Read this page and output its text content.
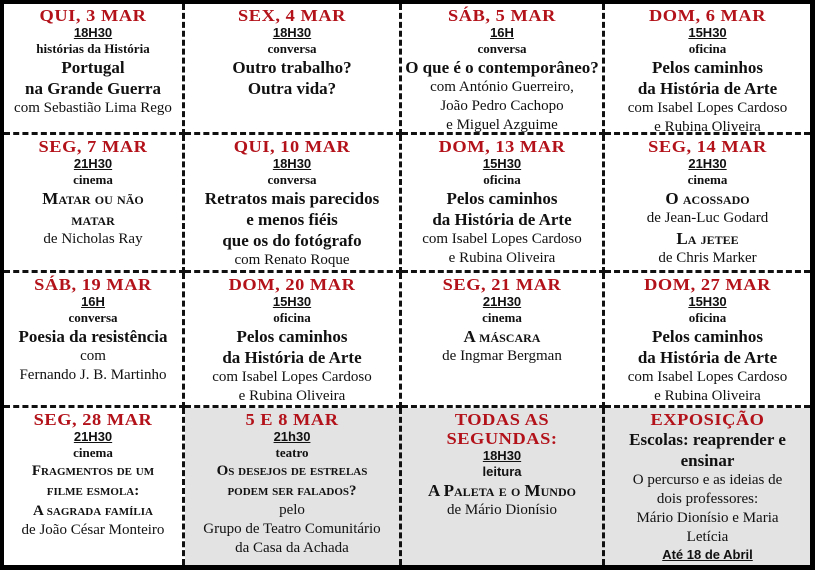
QUI, 3 MAR
18H30
histórias da História
Portugal
na Grande Guerra
com Sebastião Lima Rego
SEX, 4 MAR
18H30
conversa
Outro trabalho?
Outra vida?
SÁB, 5 MAR
16H
conversa
O que é o contemporâneo?
com António Guerreiro,
João Pedro Cachopo
e Miguel Azguime
DOM, 6 MAR
15H30
oficina
Pelos caminhos
da História de Arte
com Isabel Lopes Cardoso
e Rubina Oliveira
SEG, 7 MAR
21H30
cinema
Matar ou não
matar
de Nicholas Ray
QUI, 10 MAR
18H30
conversa
Retratos mais parecidos
e menos fiéis
que os do fotógrafo
com Renato Roque
DOM, 13 MAR
15H30
oficina
Pelos caminhos
da História de Arte
com Isabel Lopes Cardoso
e Rubina Oliveira
SEG, 14 MAR
21H30
cinema
O acossado
de Jean-Luc Godard
La jetee
de Chris Marker
SÁB, 19 MAR
16H
conversa
Poesia da resistência
com
Fernando J. B. Martinho
DOM, 20 MAR
15H30
oficina
Pelos caminhos
da História de Arte
com Isabel Lopes Cardoso
e Rubina Oliveira
SEG, 21 MAR
21H30
cinema
A máscara
de Ingmar Bergman
DOM, 27 MAR
15H30
oficina
Pelos caminhos
da História de Arte
com Isabel Lopes Cardoso
e Rubina Oliveira
SEG, 28 MAR
21H30
cinema
Fragmentos de um
filme esmola:
A sagrada família
de João César Monteiro
5 E 8 MAR
21h30
teatro
Os desejos de estrelas
podem ser falados?
pelo
Grupo de Teatro Comunitário
da Casa da Achada
TODAS AS
SEGUNDAS:
18H30
leitura
A Paleta e o Mundo
de Mário Dionísio
EXPOSIÇÃO
Escolas: reaprender e
ensinar
O percurso e as ideias de
dois professores:
Mário Dionísio e Maria
Letícia
Até 18 de Abril
